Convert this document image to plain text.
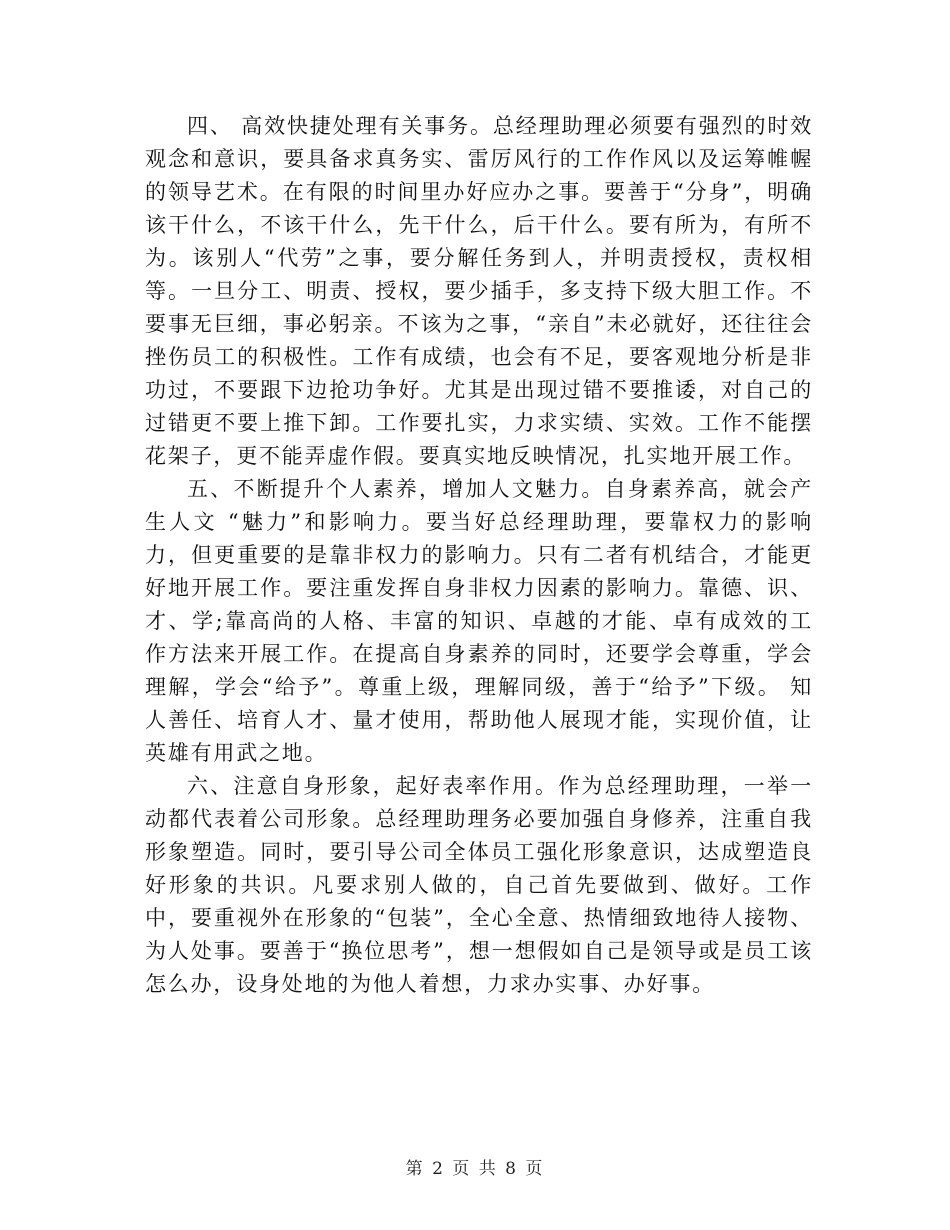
四、 高效快捷处理有关事务。总经理助理必须要有强烈的时效观念和意识，要具备求真务实、雷厉风行的工作作风以及运筹帷幄的领导艺术。在有限的时间里办好应办之事。要善于“分身”，明确该干什么，不该干什么，先干什么，后干什么。要有所为，有所不为。该别人“代劳”之事，要分解任务到人，并明责授权，责权相等。一旦分工、明责、授权，要少插手，多支持下级大胆工作。不要事无巨细，事必躬亲。不该为之事，“亲自”未必就好，还往往会挫伤员工的积极性。工作有成绩，也会有不足，要客观地分析是非功过，不要跟下边抢功争好。尤其是出现过错不要推诿，对自己的过错更不要上推下卸。工作要扎实，力求实绩、实效。工作不能摆花架子，更不能弄虚作假。要真实地反映情况，扎实地开展工作。

五、不断提升个人素养，增加人文魅力。自身素养高，就会产生人文 “魅力”和影响力。要当好总经理助理，要靠权力的影响力，但更重要的是靠非权力的影响力。只有二者有机结合，才能更好地开展工作。要注重发挥自身非权力因素的影响力。靠德、识、才、学;靠高尚的人格、丰富的知识、卓越的才能、卓有成效的工作方法来开展工作。在提高自身素养的同时，还要学会尊重，学会理解，学会“给予”。尊重上级，理解同级，善于“给予”下级。 知人善任、培育人才、量才使用，帮助他人展现才能，实现价值，让英雄有用武之地。

六、注意自身形象，起好表率作用。作为总经理助理，一举一动都代表着公司形象。总经理助理务必要加强自身修养，注重自我形象塑造。同时，要引导公司全体员工强化形象意识，达成塑造良好形象的共识。凡要求别人做的，自己首先要做到、做好。工作中，要重视外在形象的“包装”，全心全意、热情细致地待人接物、为人处事。要善于“换位思考”，想一想假如自己是领导或是员工该怎么办，设身处地的为他人着想，力求办实事、办好事。

第 2 页 共 8 页
